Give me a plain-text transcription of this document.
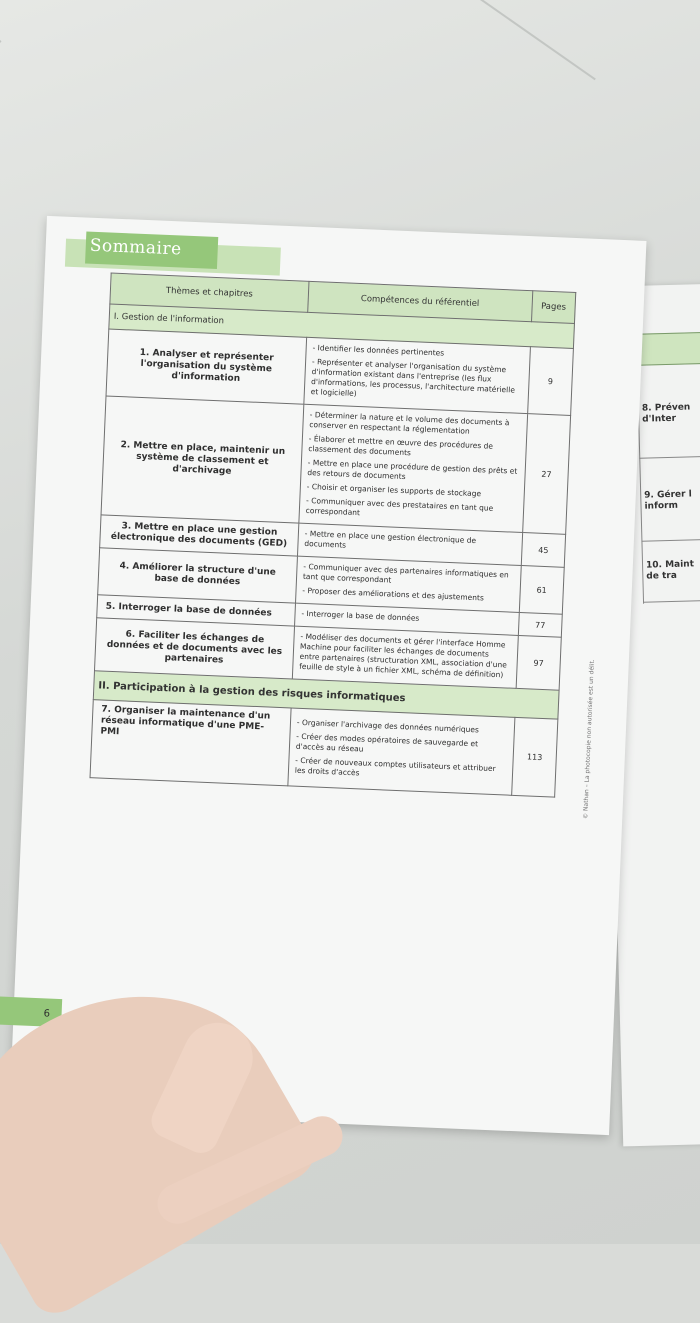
8. Préven
d'Inter
9. Gérer l
inform
10. Maint
de tra
Sommaire
Thèmes et chapitres	Compétences du référentiel	Pages
I. Gestion de l'information		
1. Analyser et représenter l'organisation du système d'information	- Identifier les données pertinentes
- Représenter et analyser l'organisation du système d'information existant dans l'entreprise (les flux d'informations, les processus, l'architecture matérielle et logicielle)	9
2. Mettre en place, maintenir un système de classement et d'archivage	- Déterminer la nature et le volume des documents à conserver en respectant la réglementation
- Élaborer et mettre en œuvre des procédures de classement des documents
- Mettre en place une procédure de gestion des prêts et des retours de documents
- Choisir et organiser les supports de stockage
- Communiquer avec des prestataires en tant que correspondant	27
3. Mettre en place une gestion électronique des documents (GED)	- Mettre en place une gestion électronique de documents	45
4. Améliorer la structure d'une base de données	- Communiquer avec des partenaires informatiques en tant que correspondant
- Proposer des améliorations et des ajustements	61
5. Interroger la base de données	- Interroger la base de données	77
6. Faciliter les échanges de données et de documents avec les partenaires	- Modéliser des documents et gérer l'interface Homme Machine pour faciliter les échanges de documents entre partenaires (structuration XML, association d'une feuille de style à un fichier XML, schéma de définition)	97
II. Participation à la gestion des risques informatiques		
7. Organiser la maintenance d'un réseau informatique d'une PME-PMI	- Organiser l'archivage des données numériques
- Créer des modes opératoires de sauvegarde et d'accès au réseau
- Créer de nouveaux comptes utilisateurs et attribuer les droits d'accès	113	© Nathan – La photocopie non autorisée est un délit.
6
